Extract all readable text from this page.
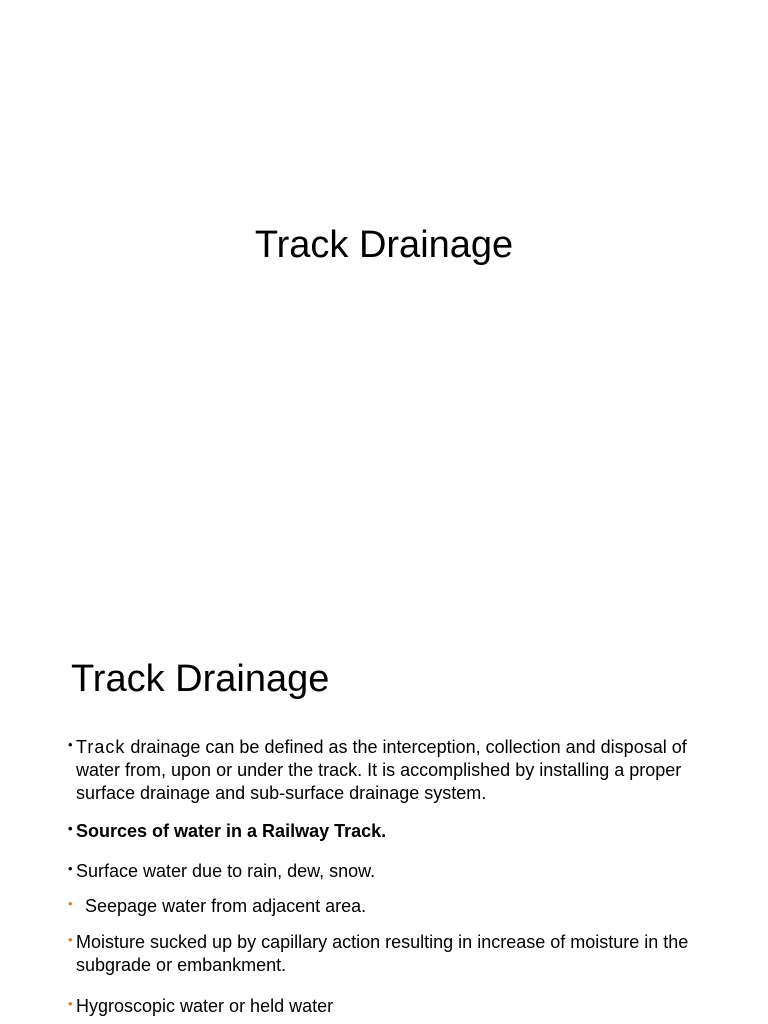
Track Drainage
Track Drainage
• Track drainage can be defined as the interception, collection and disposal of water from, upon or under the track. It is accomplished by installing a proper surface drainage and sub-surface drainage system.
• Sources of water in a Railway Track.
• Surface water due to rain, dew, snow.
• Seepage water from adjacent area.
• Moisture sucked up by capillary action resulting in increase of moisture in the subgrade or embankment.
• Hygroscopic water or held water
